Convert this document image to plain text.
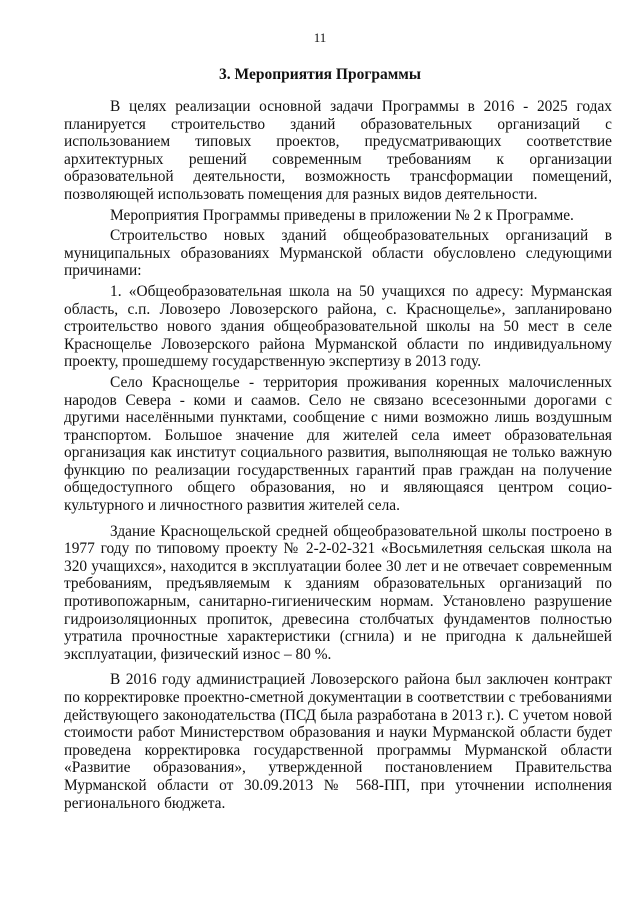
11
3. Мероприятия Программы

В целях реализации основной задачи Программы в 2016 - 2025 годах планируется строительство зданий образовательных организаций с использованием типовых проектов, предусматривающих соответствие архитектурных решений современным требованиям к организации образовательной деятельности, возможность трансформации помещений, позволяющей использовать помещения для разных видов деятельности.

Мероприятия Программы приведены в приложении № 2 к Программе.

Строительство новых зданий общеобразовательных организаций в муниципальных образованиях Мурманской области обусловлено следующими причинами:

1. «Общеобразовательная школа на 50 учащихся по адресу: Мурманская область, с.п. Ловозеро Ловозерского района, с. Краснощелье», запланировано строительство нового здания общеобразовательной школы на 50 мест в селе Краснощелье Ловозерского района Мурманской области по индивидуальному проекту, прошедшему государственную экспертизу в 2013 году.

Село Краснощелье - территория проживания коренных малочисленных народов Севера - коми и саамов. Село не связано всесезонными дорогами с другими населёнными пунктами, сообщение с ними возможно лишь воздушным транспортом. Большое значение для жителей села имеет образовательная организация как институт социального развития, выполняющая не только важную функцию по реализации государственных гарантий прав граждан на получение общедоступного общего образования, но и являющаяся центром социо-культурного и личностного развития жителей села.

Здание Краснощельской средней общеобразовательной школы построено в 1977 году по типовому проекту № 2-2-02-321 «Восьмилетняя сельская школа на 320 учащихся», находится в эксплуатации более 30 лет и не отвечает современным требованиям, предъявляемым к зданиям образовательных организаций по противопожарным, санитарно-гигиеническим нормам. Установлено разрушение гидроизоляционных пропиток, древесина столбчатых фундаментов полностью утратила прочностные характеристики (сгнила) и не пригодна к дальнейшей эксплуатации, физический износ – 80 %.

В 2016 году администрацией Ловозерского района был заключен контракт по корректировке проектно-сметной документации в соответствии с требованиями действующего законодательства (ПСД была разработана в 2013 г.). С учетом новой стоимости работ Министерством образования и науки Мурманской области будет проведена корректировка государственной программы Мурманской области «Развитие образования», утвержденной постановлением Правительства Мурманской области от 30.09.2013 № 568-ПП, при уточнении исполнения регионального бюджета.
